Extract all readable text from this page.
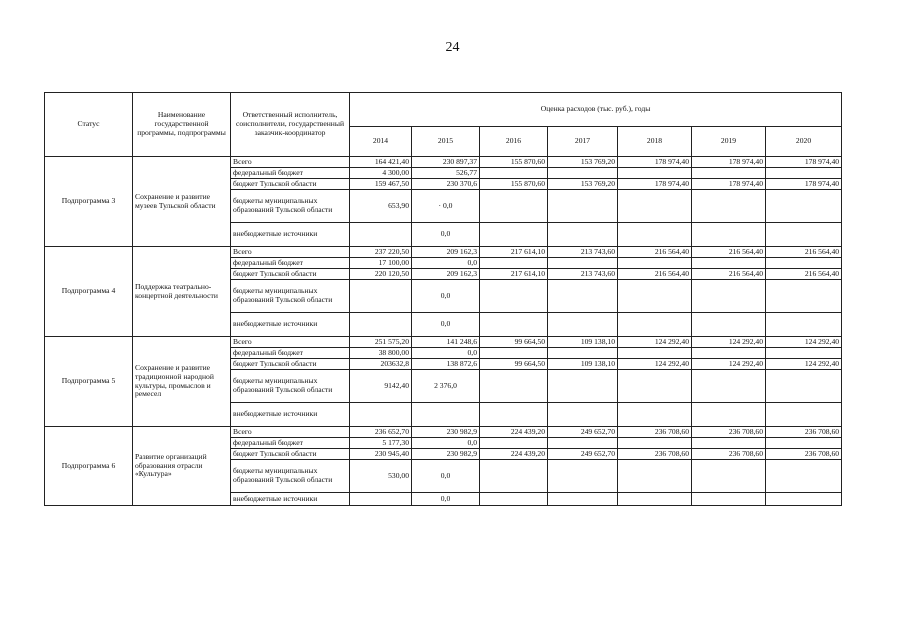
24
Статус	Наименование государственной программы, подпрограммы	Ответственный исполнитель, соисполнители, государственный заказчик-координатор	Оценка расходов (тыс. руб.), годы						
			2014	2015	2016	2017	2018	2019	2020
Подпрограмма 3	Сохранение и развитие музеев Тульской области	Всего	164 421,40	230 897,37	155 870,60	153 769,20	178 974,40	178 974,40	178 974,40
		федеральный бюджет	4 300,00	526,77					
		бюджет Тульской области	159 467,50	230 370,6	155 870,60	153 769,20	178 974,40	178 974,40	178 974,40
		бюджеты муниципальных образований Тульской области	653,90	· 0,0					
		внебюджетные источники		0,0					
Подпрограмма 4	Поддержка театрально-концертной деятельности	Всего	237 220,50	209 162,3	217 614,10	213 743,60	216 564,40	216 564,40	216 564,40
		федеральный бюджет	17 100,00	0,0					
		бюджет Тульской области	220 120,50	209 162,3	217 614,10	213 743,60	216 564,40	216 564,40	216 564,40
		бюджеты муниципальных образований Тульской области		0,0					
		внебюджетные источники		0,0					
Подпрограмма 5	Сохранение и развитие традиционной народной культуры, промыслов и ремесел	Всего	251 575,20	141 248,6	99 664,50	109 138,10	124 292,40	124 292,40	124 292,40
		федеральный бюджет	38 800,00	0,0					
		бюджет Тульской области	203632,8	138 872,6	99 664,50	109 138,10	124 292,40	124 292,40	124 292,40
		бюджеты муниципальных образований Тульской области	9142,40	2 376,0					
		внебюджетные источники							
Подпрограмма 6	Развитие организаций образования отрасли «Культура»	Всего	236 652,70	230 982,9	224 439,20	249 652,70	236 708,60	236 708,60	236 708,60
		федеральный бюджет	5 177,30	0,0					
		бюджет Тульской области	230 945,40	230 982,9	224 439,20	249 652,70	236 708,60	236 708,60	236 708,60
		бюджеты муниципальных образований Тульской области	530,00	0,0					
		внебюджетные источники		0,0					
